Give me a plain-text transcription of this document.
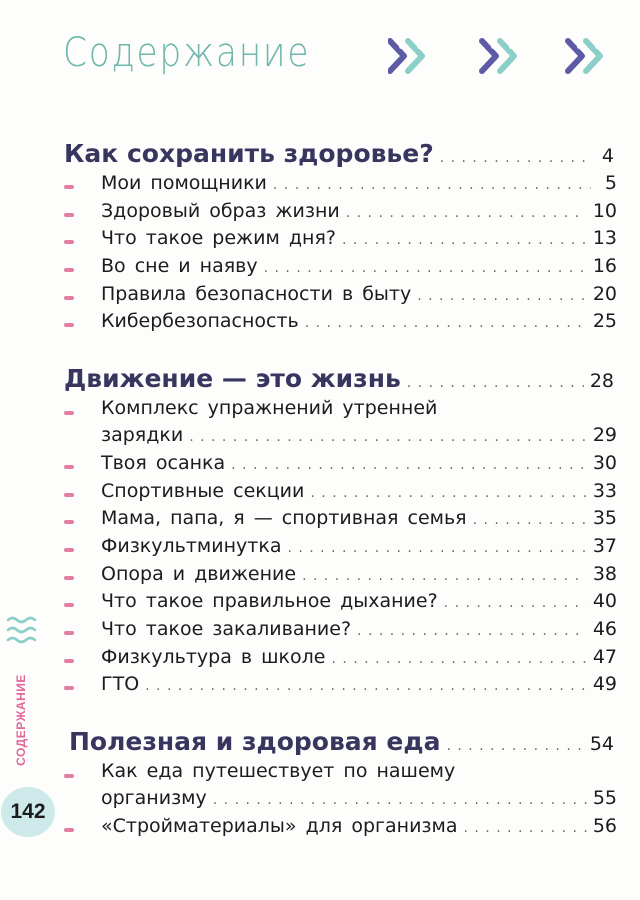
Содержание
Как сохранить здоровье? . . .	4
Мои помощники . . .	5
Здоровый образ жизни . . .	10
Что такое режим дня? . . .	13
Во сне и наяву . . .	16
Правила безопасности в быту . . .	20
Кибербезопасность . . .	25
Движение — это жизнь . . .	28
Комплекс упражнений утренней
зарядки . . .	29
Твоя осанка . . .	30
Спортивные секции . . .	33
Мама, папа, я — спортивная семья . . .	35
Физкультминутка . . .	37
Опора и движение . . .	38
Что такое правильное дыхание? . . .	40
Что такое закаливание? . . .	46
Физкультура в школе . . .	47
ГТО . . .	49
Полезная и здоровая еда . . .	54
Как еда путешествует по нашему
организму . . .	55
«Стройматериалы» для организма . . .	56
СОДЕРЖАНИЕ
142
